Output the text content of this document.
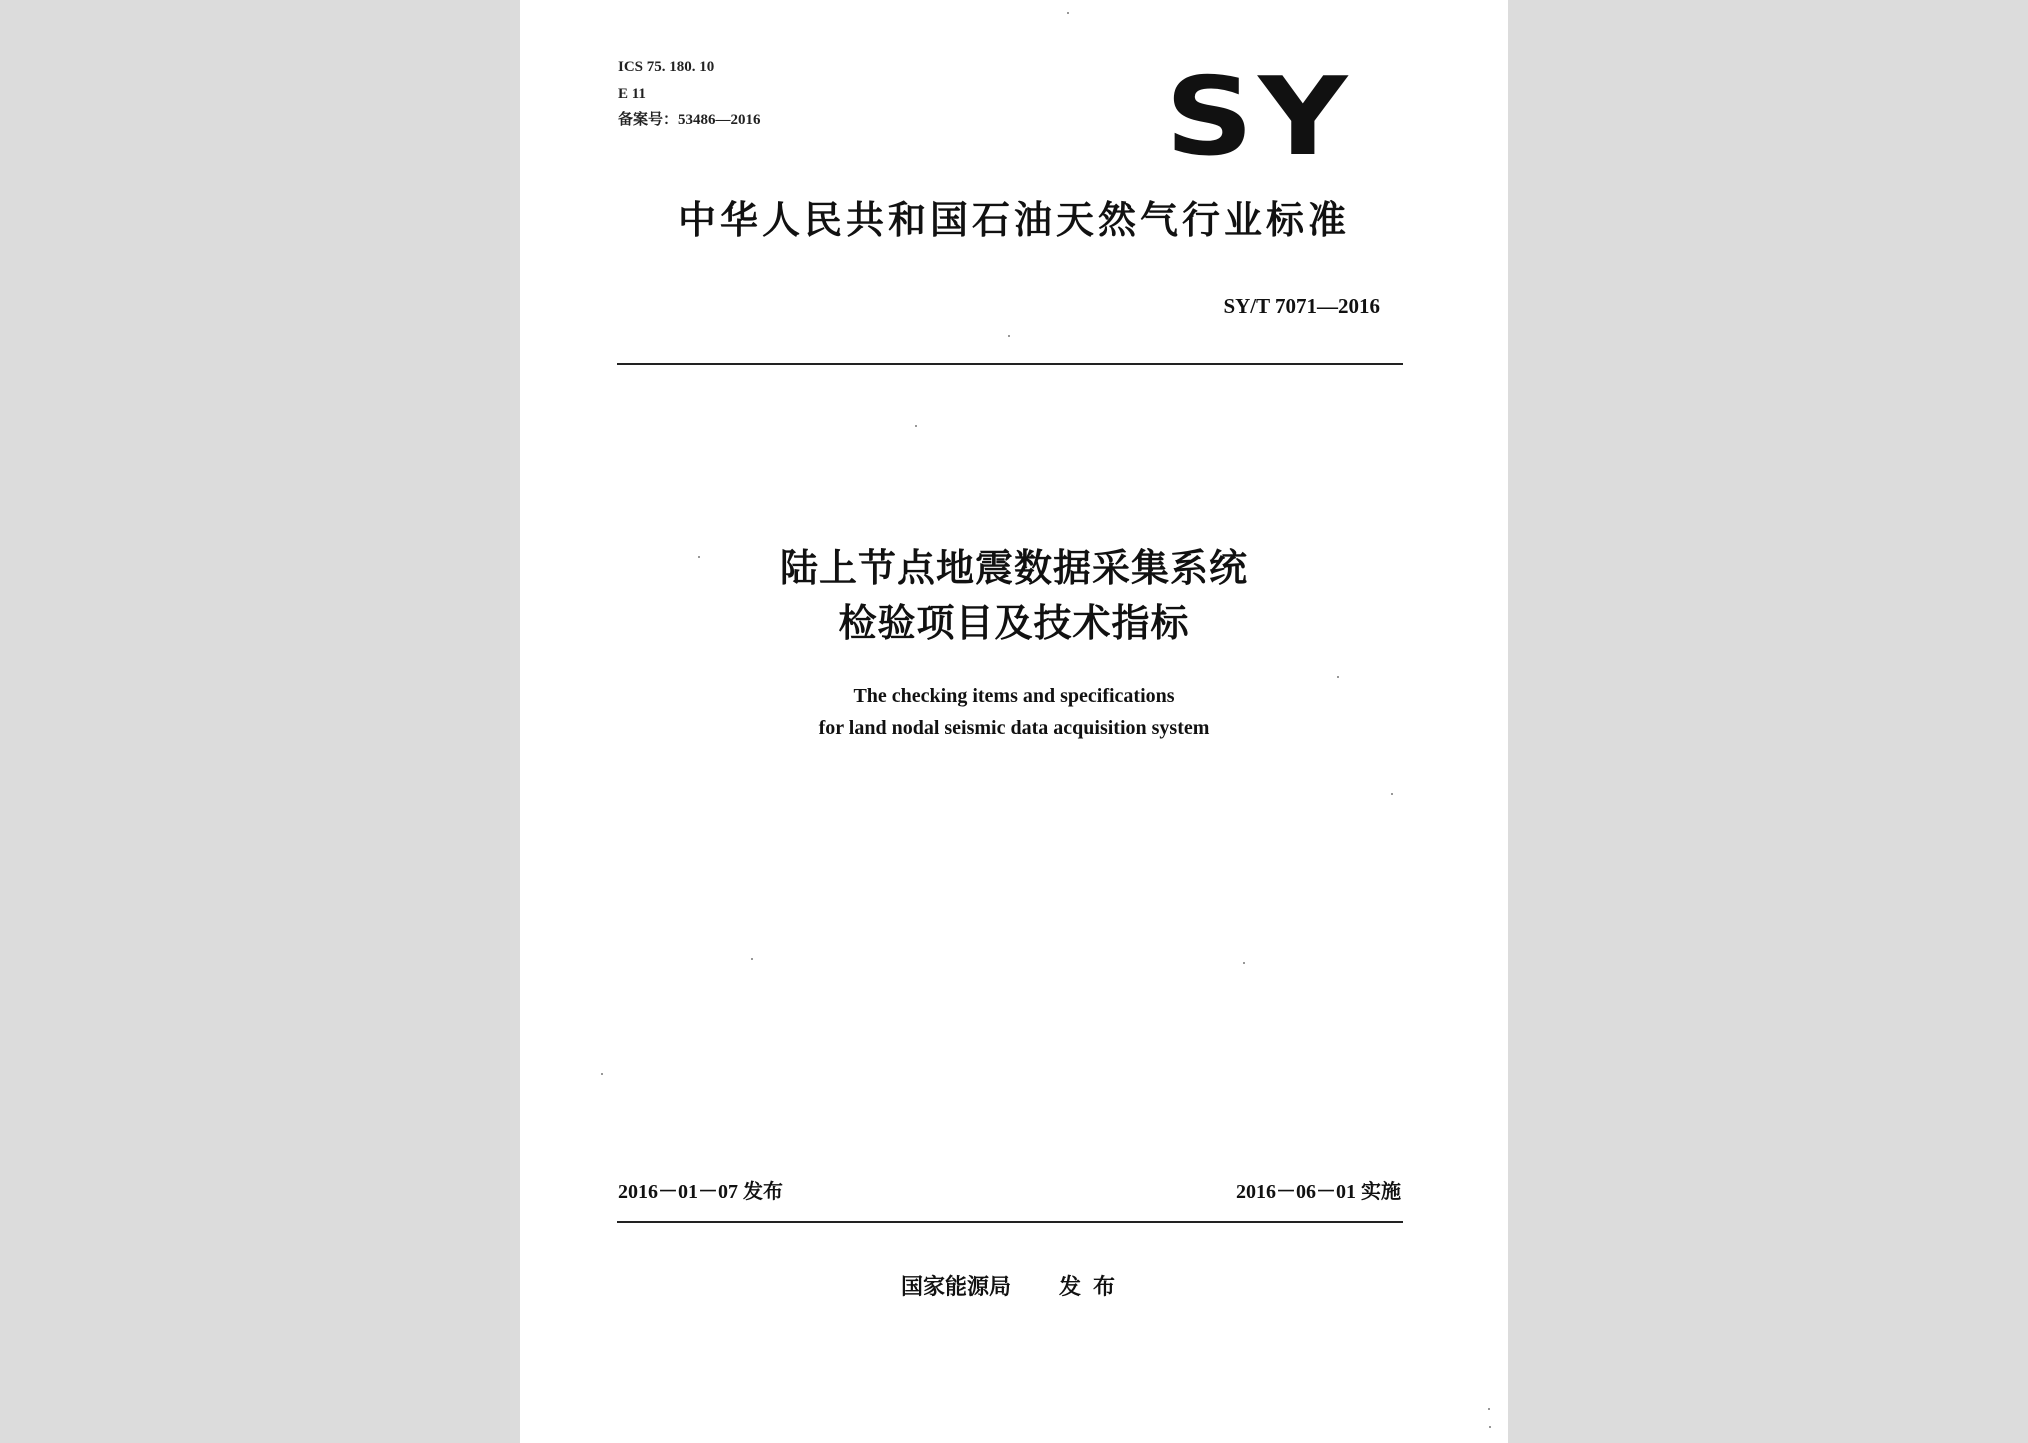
ICS 75. 180. 10
E 11
备案号：53486—2016	SY
中华人民共和国石油天然气行业标准
SY/T 7071—2016
陆上节点地震数据采集系统
检验项目及技术指标
The checking items and specifications
for land nodal seismic data acquisition system
2016－01－07 发布	2016－06－01 实施
国家能源局 发布
